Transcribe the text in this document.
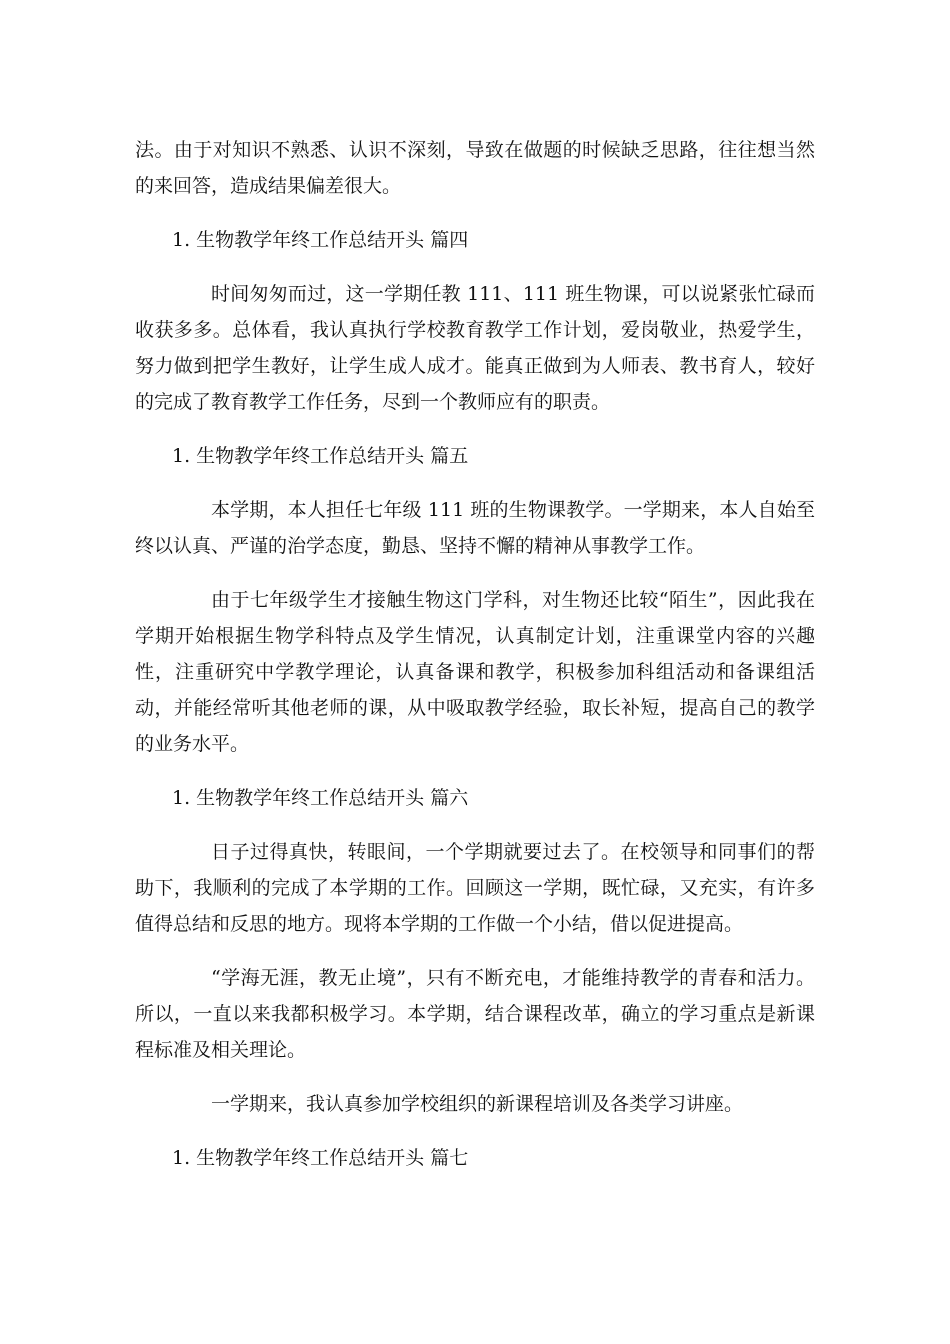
法。由于对知识不熟悉、认识不深刻，导致在做题的时候缺乏思路，往往想当然的来回答，造成结果偏差很大。

1. 生物教学年终工作总结开头 篇四

时间匆匆而过，这一学期任教 111、111 班生物课，可以说紧张忙碌而收获多多。总体看，我认真执行学校教育教学工作计划，爱岗敬业，热爱学生，努力做到把学生教好，让学生成人成才。能真正做到为人师表、教书育人，较好的完成了教育教学工作任务，尽到一个教师应有的职责。

1. 生物教学年终工作总结开头 篇五

本学期，本人担任七年级 111 班的生物课教学。一学期来，本人自始至终以认真、严谨的治学态度，勤恳、坚持不懈的精神从事教学工作。

由于七年级学生才接触生物这门学科，对生物还比较“陌生”，因此我在学期开始根据生物学科特点及学生情况，认真制定计划，注重课堂内容的兴趣性，注重研究中学教学理论，认真备课和教学，积极参加科组活动和备课组活动，并能经常听其他老师的课，从中吸取教学经验，取长补短，提高自己的教学的业务水平。

1. 生物教学年终工作总结开头 篇六

日子过得真快，转眼间，一个学期就要过去了。在校领导和同事们的帮助下，我顺利的完成了本学期的工作。回顾这一学期，既忙碌，又充实，有许多值得总结和反思的地方。现将本学期的工作做一个小结，借以促进提高。

“学海无涯，教无止境”，只有不断充电，才能维持教学的青春和活力。所以，一直以来我都积极学习。本学期，结合课程改革，确立的学习重点是新课程标准及相关理论。

一学期来，我认真参加学校组织的新课程培训及各类学习讲座。

1. 生物教学年终工作总结开头 篇七
